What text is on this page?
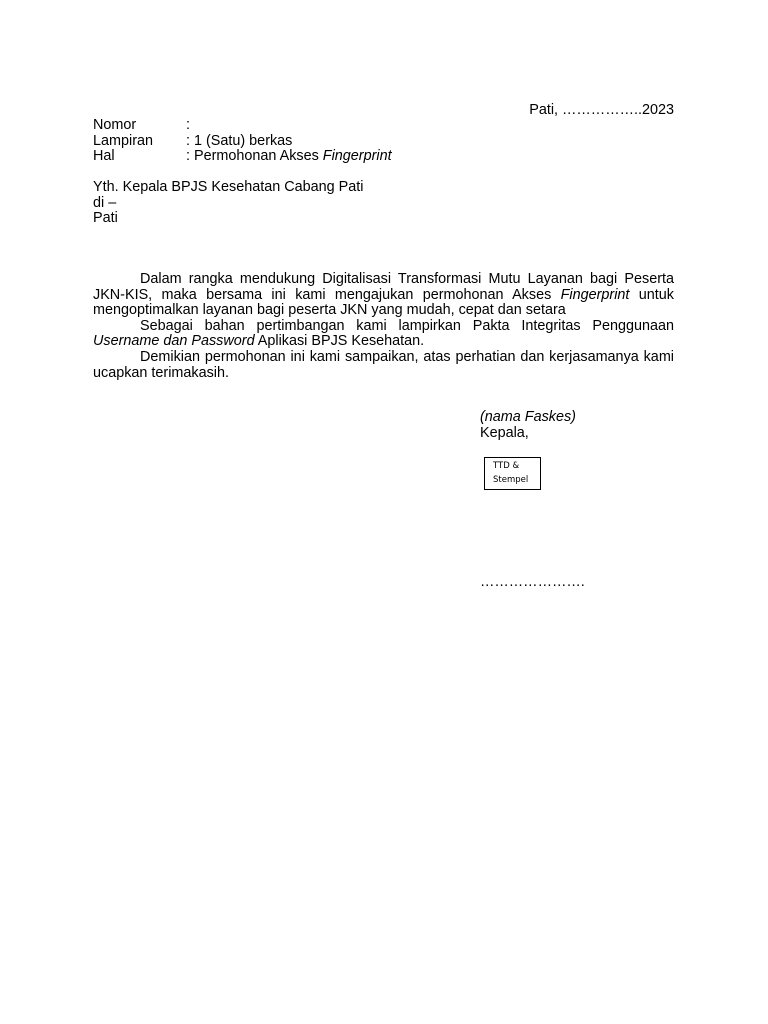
Pati, ……………..2023
Nomor	:
Lampiran	: 1 (Satu) berkas
Hal	: Permohonan Akses Fingerprint
Yth. Kepala BPJS Kesehatan Cabang Pati
di –
Pati

Dalam rangka mendukung Digitalisasi Transformasi Mutu Layanan bagi Peserta JKN-KIS, maka bersama ini kami mengajukan permohonan Akses Fingerprint untuk mengoptimalkan layanan bagi peserta JKN yang mudah, cepat dan setara

Sebagai bahan pertimbangan kami lampirkan Pakta Integritas Penggunaan Username dan Password Aplikasi BPJS Kesehatan.

Demikian permohonan ini kami sampaikan, atas perhatian dan kerjasamanya kami ucapkan terimakasih.

(nama Faskes)
Kepala,
TTD &
Stempel
………………….
